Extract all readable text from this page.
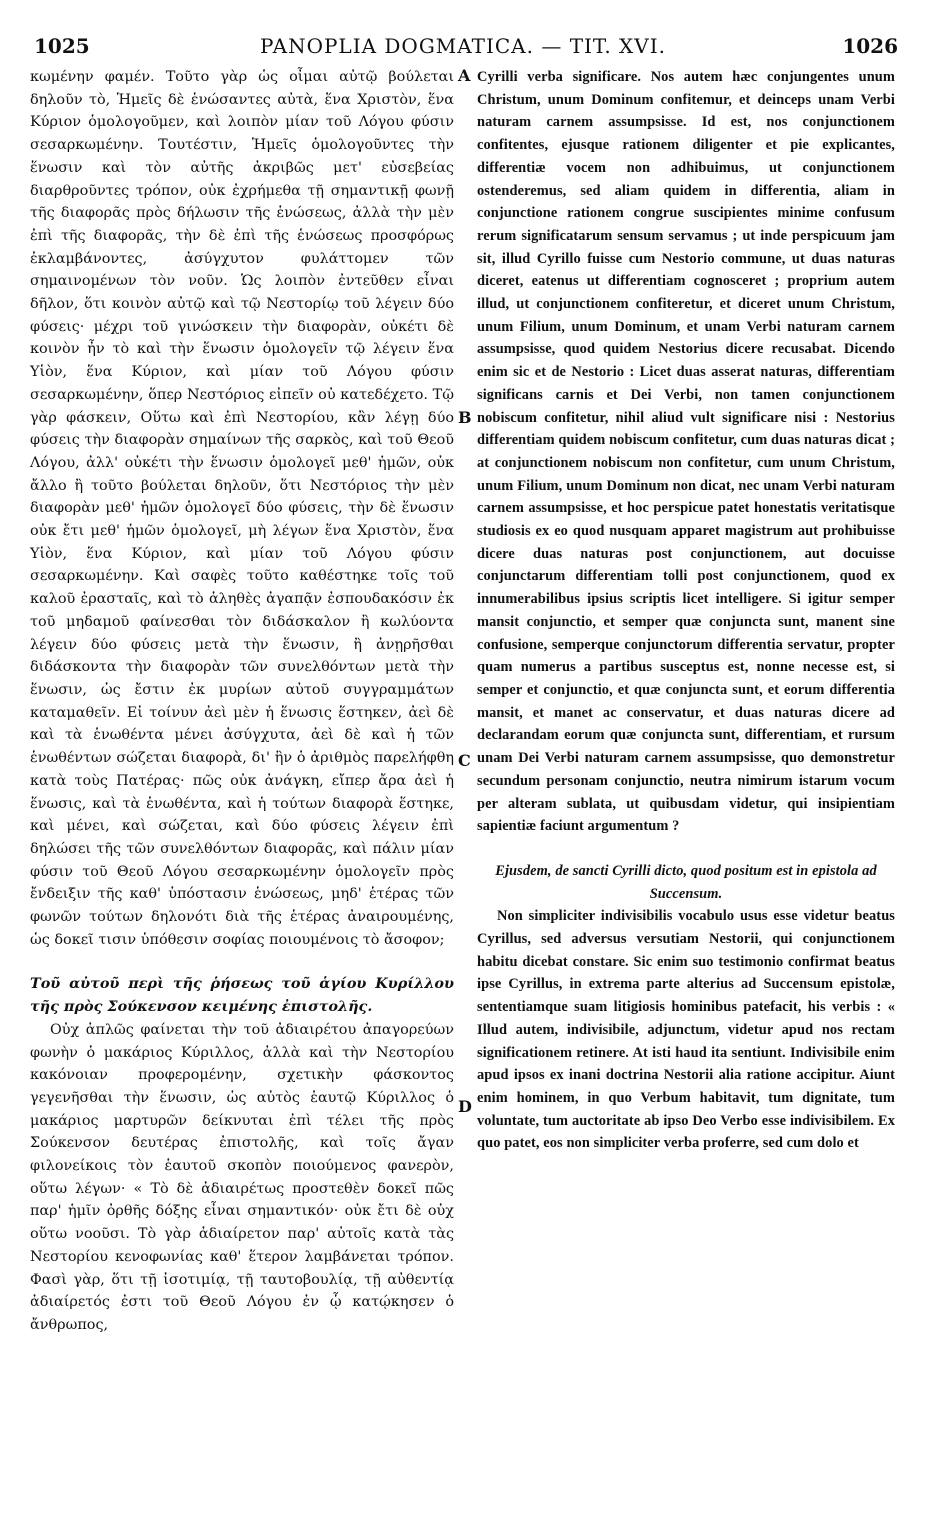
1025	PANOPLIA DOGMATICA. — TIT. XVI.	1026
A
B
C
D

κωμένην φαμέν. Τοῦτο γὰρ ὡς οἶμαι αὐτῷ βούλεται δηλοῦν τὸ, Ἡμεῖς δὲ ἑνώσαντες αὐτὰ, ἕνα Χριστὸν, ἕνα Κύριον ὁμολογοῦμεν, καὶ λοιπὸν μίαν τοῦ Λόγου φύσιν σεσαρκωμένην. Τουτέστιν, Ἡμεῖς ὁμολογοῦντες τὴν ἕνωσιν καὶ τὸν αὐτῆς ἀκριβῶς μετ' εὐσεβείας διαρθροῦντες τρόπον, οὐκ ἐχρήμεθα τῇ σημαντικῇ φωνῇ τῆς διαφορᾶς πρὸς δήλωσιν τῆς ἑνώσεως, ἀλλὰ τὴν μὲν ἐπὶ τῆς διαφορᾶς, τὴν δὲ ἐπὶ τῆς ἑνώσεως προσφόρως ἐκλαμβάνοντες, ἀσύγχυτον φυλάττομεν τῶν σημαινομένων τὸν νοῦν. Ὡς λοιπὸν ἐντεῦθεν εἶναι δῆλον, ὅτι κοινὸν αὐτῷ καὶ τῷ Νεστορίῳ τοῦ λέγειν δύο φύσεις· μέχρι τοῦ γινώσκειν τὴν διαφορὰν, οὐκέτι δὲ κοινὸν ἦν τὸ καὶ τὴν ἕνωσιν ὁμολογεῖν τῷ λέγειν ἕνα Υἱὸν, ἕνα Κύριον, καὶ μίαν τοῦ Λόγου φύσιν σεσαρκωμένην, ὅπερ Νεστόριος εἰπεῖν οὐ κατεδέχετο. Τῷ γὰρ φάσκειν, Οὕτω καὶ ἐπὶ Νεστορίου, κἂν λέγῃ δύο φύσεις τὴν διαφορὰν σημαίνων τῆς σαρκὸς, καὶ τοῦ Θεοῦ Λόγου, ἀλλ' οὐκέτι τὴν ἕνωσιν ὁμολογεῖ μεθ' ἡμῶν, οὐκ ἄλλο ἢ τοῦτο βούλεται δηλοῦν, ὅτι Νεστόριος τὴν μὲν διαφορὰν μεθ' ἡμῶν ὁμολογεῖ δύο φύσεις, τὴν δὲ ἕνωσιν οὐκ ἔτι μεθ' ἡμῶν ὁμολογεῖ, μὴ λέγων ἕνα Χριστὸν, ἕνα Υἱὸν, ἕνα Κύριον, καὶ μίαν τοῦ Λόγου φύσιν σεσαρκωμένην. Καὶ σαφὲς τοῦτο καθέστηκε τοῖς τοῦ καλοῦ ἐρασταῖς, καὶ τὸ ἀληθὲς ἀγαπᾷν ἐσπουδακόσιν ἐκ τοῦ μηδαμοῦ φαίνεσθαι τὸν διδάσκαλον ἢ κωλύοντα λέγειν δύο φύσεις μετὰ τὴν ἕνωσιν, ἢ ἀνῃρῆσθαι διδάσκοντα τὴν διαφορὰν τῶν συνελθόντων μετὰ τὴν ἕνωσιν, ὡς ἔστιν ἐκ μυρίων αὐτοῦ συγγραμμάτων καταμαθεῖν. Εἰ τοίνυν ἀεὶ μὲν ἡ ἕνωσις ἕστηκεν, ἀεὶ δὲ καὶ τὰ ἑνωθέντα μένει ἀσύγχυτα, ἀεὶ δὲ καὶ ἡ τῶν ἑνωθέντων σώζεται διαφορὰ, δι' ἣν ὁ ἀριθμὸς παρελήφθη κατὰ τοὺς Πατέρας· πῶς οὐκ ἀνάγκη, εἴπερ ἄρα ἀεὶ ἡ ἕνωσις, καὶ τὰ ἑνωθέντα, καὶ ἡ τούτων διαφορὰ ἕστηκε, καὶ μένει, καὶ σώζεται, καὶ δύο φύσεις λέγειν ἐπὶ δηλώσει τῆς τῶν συνελθόντων διαφορᾶς, καὶ πάλιν μίαν φύσιν τοῦ Θεοῦ Λόγου σεσαρκωμένην ὁμολογεῖν πρὸς ἔνδειξιν τῆς καθ' ὑπόστασιν ἑνώσεως, μηδ' ἑτέρας τῶν φωνῶν τούτων δηλονότι διὰ τῆς ἑτέρας ἀναιρουμένης, ὡς δοκεῖ τισιν ὑπόθεσιν σοφίας ποιουμένοις τὸ ἄσοφον;

Τοῦ αὐτοῦ περὶ τῆς ῥήσεως τοῦ ἁγίου Κυρίλλου τῆς πρὸς Σούκενσον κειμένης ἐπιστολῆς.

Οὐχ ἁπλῶς φαίνεται τὴν τοῦ ἀδιαιρέτου ἀπαγορεύων φωνὴν ὁ μακάριος Κύριλλος, ἀλλὰ καὶ τὴν Νεστορίου κακόνοιαν προφερομένην, σχετικὴν φάσκοντος γεγενῆσθαι τὴν ἕνωσιν, ὡς αὐτὸς ἑαυτῷ Κύριλλος ὁ μακάριος μαρτυρῶν δείκνυται ἐπὶ τέλει τῆς πρὸς Σούκενσον δευτέρας ἐπιστολῆς, καὶ τοῖς ἄγαν φιλονείκοις τὸν ἑαυτοῦ σκοπὸν ποιούμενος φανερὸν, οὕτω λέγων· « Τὸ δὲ ἀδιαιρέτως προστεθὲν δοκεῖ πῶς παρ' ἡμῖν ὀρθῆς δόξης εἶναι σημαντικόν· οὐκ ἔτι δὲ οὐχ οὕτω νοοῦσι. Τὸ γὰρ ἀδιαίρετον παρ' αὐτοῖς κατὰ τὰς Νεστορίου κενοφωνίας καθ' ἕτερον λαμβάνεται τρόπον. Φασὶ γὰρ, ὅτι τῇ ἰσοτιμίᾳ, τῇ ταυτοβουλίᾳ, τῇ αὐθεντίᾳ ἀδιαίρετός ἐστι τοῦ Θεοῦ Λόγου ἐν ᾧ κατῴκησεν ὁ ἄνθρωπος,

Cyrilli verba significare. Nos autem hæc conjungentes unum Christum, unum Dominum confitemur, et deinceps unam Verbi naturam carnem assumpsisse. Id est, nos conjunctionem confitentes, ejusque rationem diligenter et pie explicantes, differentiæ vocem non adhibuimus, ut conjunctionem ostenderemus, sed aliam quidem in differentia, aliam in conjunctione rationem congrue suscipientes minime confusum rerum significatarum sensum servamus ; ut inde perspicuum jam sit, illud Cyrillo fuisse cum Nestorio commune, ut duas naturas diceret, eatenus ut differentiam cognosceret ; proprium autem illud, ut conjunctionem confiteretur, et diceret unum Christum, unum Filium, unum Dominum, et unam Verbi naturam carnem assumpsisse, quod quidem Nestorius dicere recusabat. Dicendo enim sic et de Nestorio : Licet duas asserat naturas, differentiam significans carnis et Dei Verbi, non tamen conjunctionem nobiscum confitetur, nihil aliud vult significare nisi : Nestorius differentiam quidem nobiscum confitetur, cum duas naturas dicat ; at conjunctionem nobiscum non confitetur, cum unum Christum, unum Filium, unum Dominum non dicat, nec unam Verbi naturam carnem assumpsisse, et hoc perspicue patet honestatis veritatisque studiosis ex eo quod nusquam apparet magistrum aut prohibuisse dicere duas naturas post conjunctionem, aut docuisse conjunctarum differentiam tolli post conjunctionem, quod ex innumerabilibus ipsius scriptis licet intelligere. Si igitur semper mansit conjunctio, et semper quæ conjuncta sunt, manent sine confusione, semperque conjunctorum differentia servatur, propter quam numerus a partibus susceptus est, nonne necesse est, si semper et conjunctio, et quæ conjuncta sunt, et eorum differentia mansit, et manet ac conservatur, et duas naturas dicere ad declarandam eorum quæ conjuncta sunt, differentiam, et rursum unam Dei Verbi naturam carnem assumpsisse, quo demonstretur secundum personam conjunctio, neutra nimirum istarum vocum per alteram sublata, ut quibusdam videtur, qui insipientiam sapientiæ faciunt argumentum ?

Ejusdem, de sancti Cyrilli dicto, quod positum est in epistola ad Succensum.

Non simpliciter indivisibilis vocabulo usus esse videtur beatus Cyrillus, sed adversus versutiam Nestorii, qui conjunctionem habitu dicebat constare. Sic enim suo testimonio confirmat beatus ipse Cyrillus, in extrema parte alterius ad Succensum epistolæ, sententiamque suam litigiosis hominibus patefacit, his verbis : « Illud autem, indivisibile, adjunctum, videtur apud nos rectam significationem retinere. At isti haud ita sentiunt. Indivisibile enim apud ipsos ex inani doctrina Nestorii alia ratione accipitur. Aiunt enim hominem, in quo Verbum habitavit, tum dignitate, tum voluntate, tum auctoritate ab ipso Deo Verbo esse indivisibilem. Ex quo patet, eos non simpliciter verba proferre, sed cum dolo et
